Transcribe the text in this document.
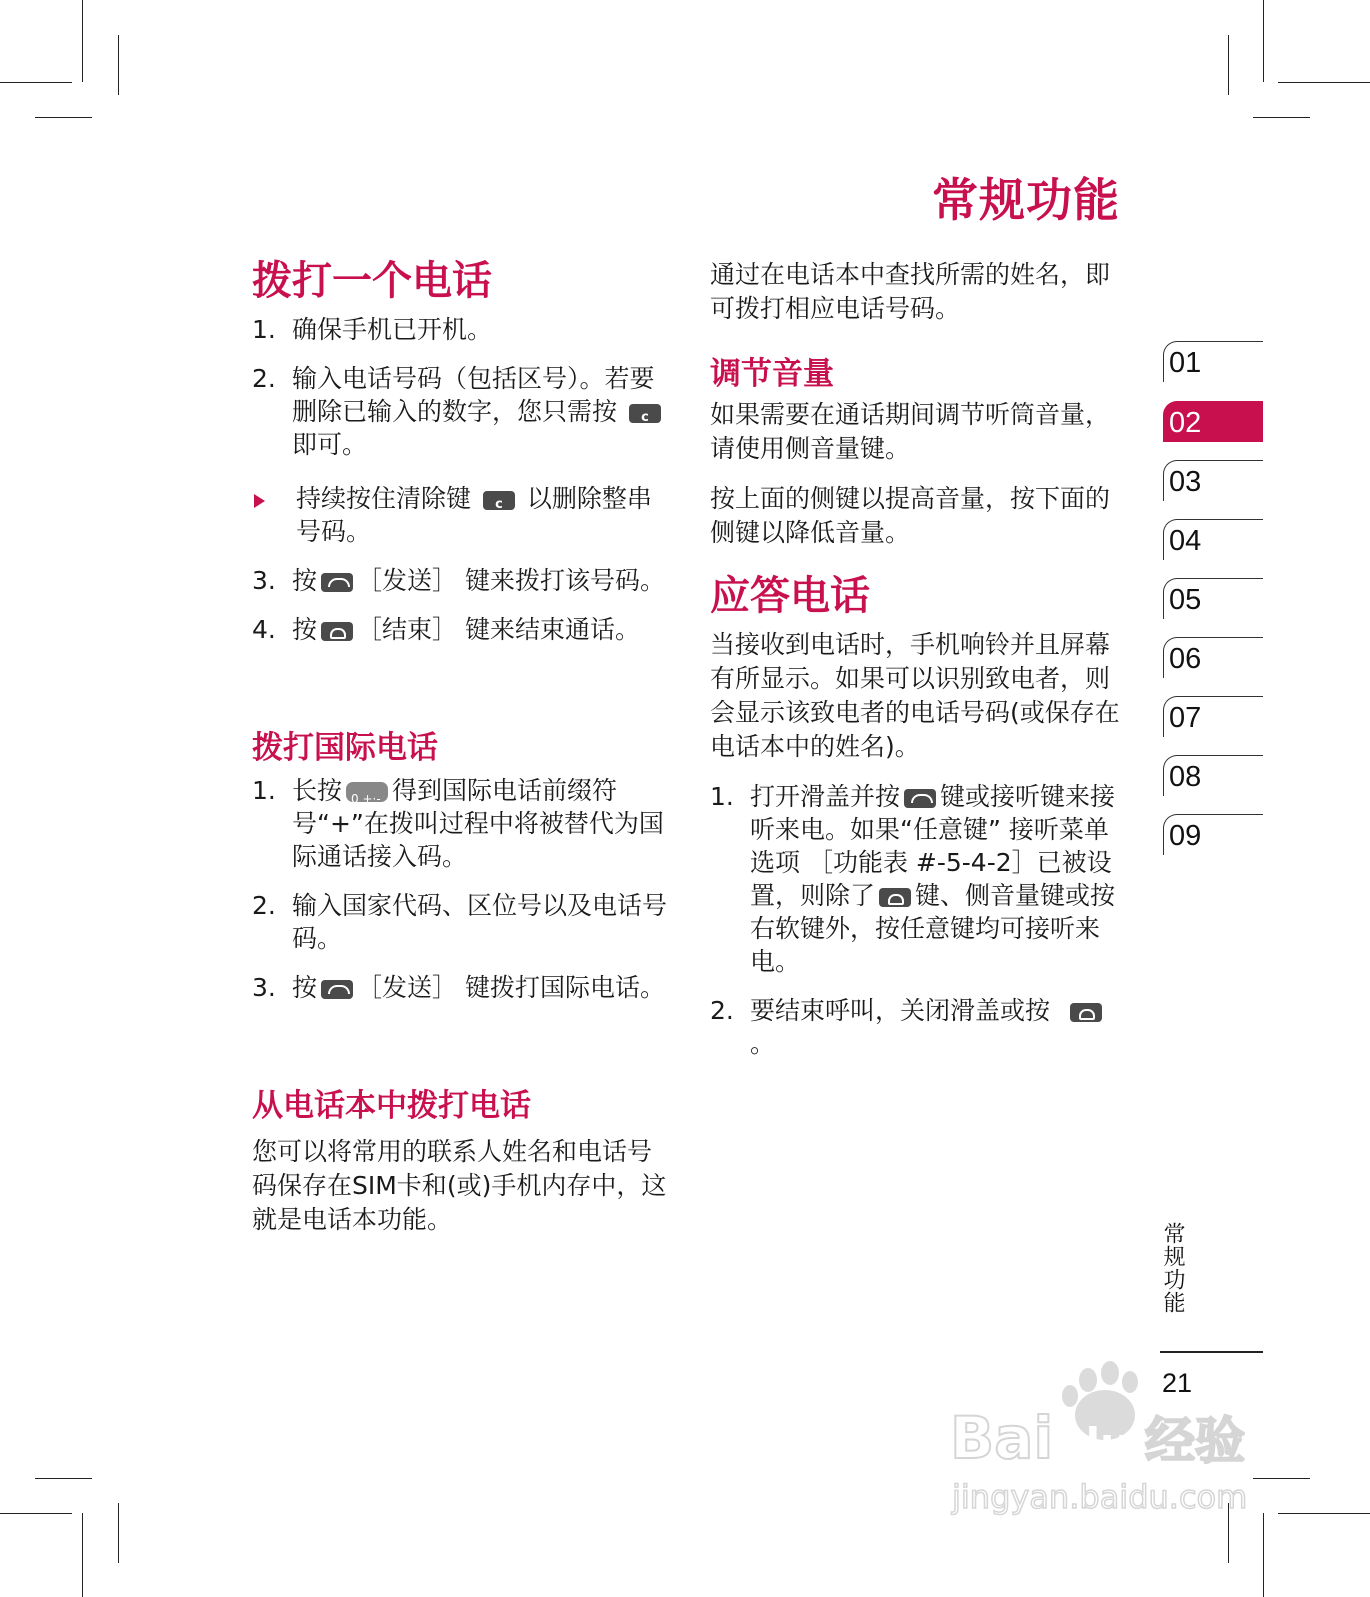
常规功能
拨打一个电话
1. 确保手机已开机。
2. 输入电话号码（包括区号）。若要删除已输入的数字，您只需按 c 即可。
持续按住清除键 c 以删除整串号码。
3. 按 ［发送］ 键来拨打该号码。
4. 按 ［结束］ 键来结束通话。
拨打国际电话
1. 长按 0 +·- 得到国际电话前缀符号“+”在拨叫过程中将被替代为国际通话接入码。
2. 输入国家代码、区位号以及电话号码。
3. 按 ［发送］ 键拨打国际电话。
从电话本中拨打电话

您可以将常用的联系人姓名和电话号码保存在SIM卡和(或)手机内存中，这就是电话本功能。

通过在电话本中查找所需的姓名，即可拨打相应电话号码。

调节音量

如果需要在通话期间调节听筒音量，请使用侧音量键。

按上面的侧键以提高音量，按下面的侧键以降低音量。

应答电话

当接收到电话时，手机响铃并且屏幕有所显示。如果可以识别致电者，则会显示该致电者的电话号码(或保存在电话本中的姓名)。

1. 打开滑盖并按 键或接听键来接听来电。如果“任意键” 接听菜单选项 ［功能表 #-5-4-2］已被设置，则除了 键、侧音量键或按右软键外，按任意键均可接听来电。
2. 要结束呼叫，关闭滑盖或按  。
01
02
03
04
05
06
07
08
09
常规功能
21
Bai du 经验
jingyan.baidu.com
